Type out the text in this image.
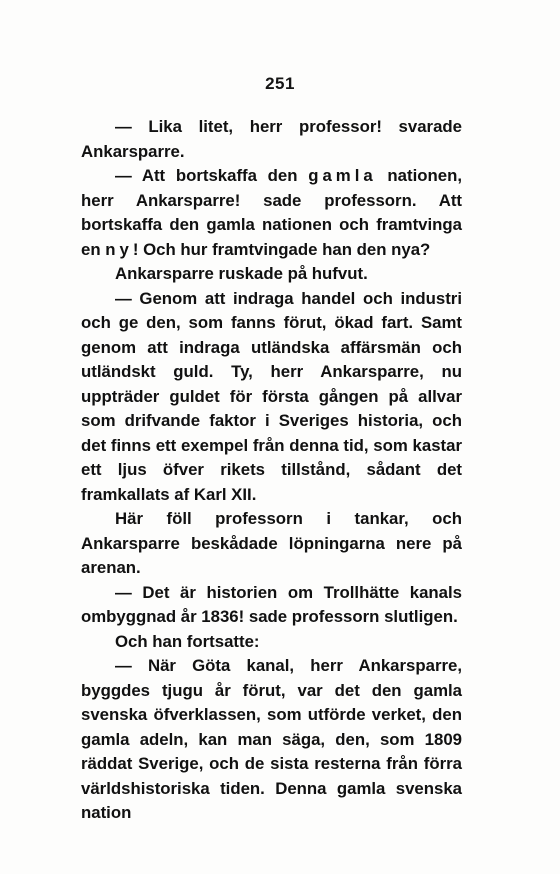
251

— Lika litet, herr professor! svarade Ankarsparre.

— Att bortskaffa den gamla nationen, herr Ankarsparre! sade professorn. Att bortskaffa den gamla nationen och framtvinga en ny! Och hur framtvingade han den nya?

Ankarsparre ruskade på hufvut.

— Genom att indraga handel och industri och ge den, som fanns förut, ökad fart. Samt genom att indraga utländska affärsmän och utländskt guld. Ty, herr Ankarsparre, nu uppträder guldet för första gången på allvar som drifvande faktor i Sveriges historia, och det finns ett exempel från denna tid, som kastar ett ljus öfver rikets tillstånd, sådant det framkallats af Karl XII.

Här föll professorn i tankar, och Ankarsparre beskådade löpningarna nere på arenan.

— Det är historien om Trollhätte kanals ombyggnad år 1836! sade professorn slutligen.

Och han fortsatte:

— När Göta kanal, herr Ankarsparre, byggdes tjugu år förut, var det den gamla svenska öfverklassen, som utförde verket, den gamla adeln, kan man säga, den, som 1809 räddat Sverige, och de sista resterna från förra världshistoriska tiden. Denna gamla svenska nation
